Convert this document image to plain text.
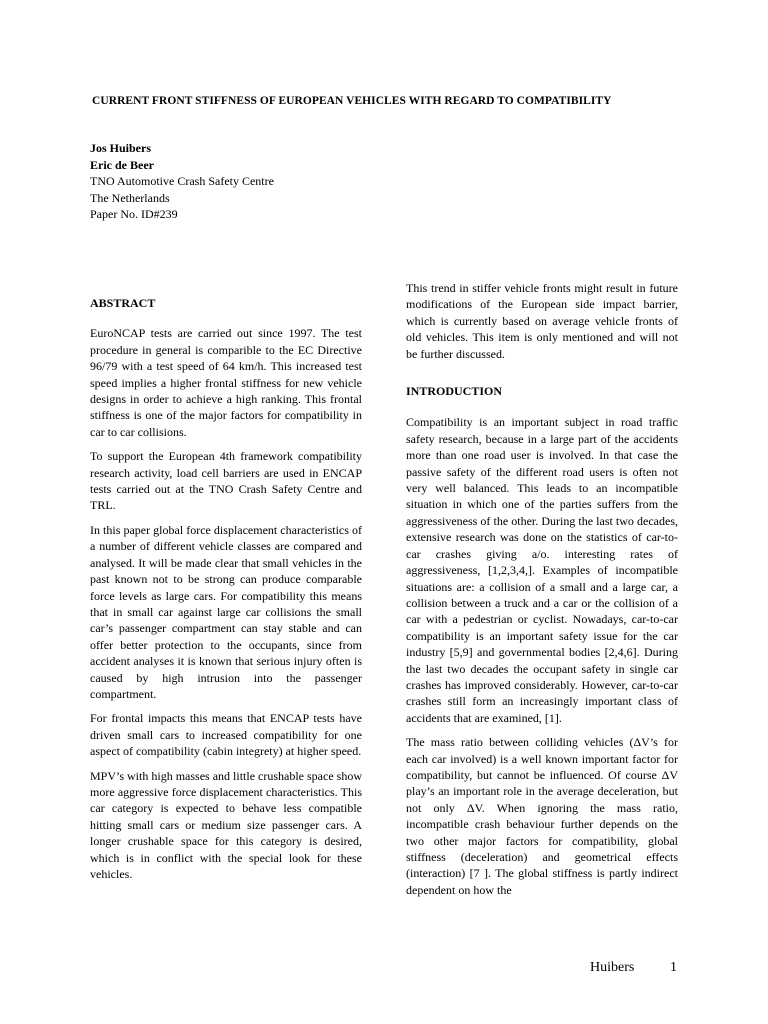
CURRENT FRONT STIFFNESS OF EUROPEAN VEHICLES WITH REGARD TO COMPATIBILITY
Jos Huibers
Eric de Beer
TNO Automotive Crash Safety Centre
The Netherlands
Paper No. ID#239
ABSTRACT

EuroNCAP tests are carried out since 1997. The test procedure in general is comparible to the EC Directive 96/79 with a test speed of 64 km/h. This increased test speed implies a higher frontal stiffness for new vehicle designs in order to achieve a high ranking. This frontal stiffness is one of the major factors for compatibility in car to car collisions.

To support the European 4th framework compatibility research activity, load cell barriers are used in ENCAP tests carried out at the TNO Crash Safety Centre and TRL.

In this paper global force displacement characteristics of a number of different vehicle classes are compared and analysed. It will be made clear that small vehicles in the past known not to be strong can produce comparable force levels as large cars. For compatibility this means that in small car against large car collisions the small car’s passenger compartment can stay stable and can offer better protection to the occupants, since from accident analyses it is known that serious injury often is caused by high intrusion into the passenger compartment.

For frontal impacts this means that ENCAP tests have driven small cars to increased compatibility for one aspect of compatibility (cabin integrety) at higher speed.

MPV’s with high masses and little crushable space show more aggressive force displacement characteristics. This car category is expected to behave less compatible hitting small cars or medium size passenger cars. A longer crushable space for this category is desired, which is in conflict with the special look for these vehicles.

This trend in stiffer vehicle fronts might result in future modifications of the European side impact barrier, which is currently based on average vehicle fronts of old vehicles. This item is only mentioned and will not be further discussed.

INTRODUCTION

Compatibility is an important subject in road traffic safety research, because in a large part of the accidents more than one road user is involved. In that case the passive safety of the different road users is often not very well balanced. This leads to an incompatible situation in which one of the parties suffers from the aggressiveness of the other. During the last two decades, extensive research was done on the statistics of car-to-car crashes giving a/o. interesting rates of aggressiveness, [1,2,3,4,]. Examples of incompatible situations are: a collision of a small and a large car, a collision between a truck and a car or the collision of a car with a pedestrian or cyclist. Nowadays, car-to-car compatibility is an important safety issue for the car industry [5,9] and governmental bodies [2,4,6]. During the last two decades the occupant safety in single car crashes has improved considerably. However, car-to-car crashes still form an increasingly important class of accidents that are examined, [1].

The mass ratio between colliding vehicles (ΔV’s for each car involved) is a well known important factor for compatibility, but cannot be influenced. Of course ΔV play’s an important role in the average deceleration, but not only ΔV. When ignoring the mass ratio, incompatible crash behaviour further depends on the two other major factors for compatibility, global stiffness (deceleration) and geometrical effects (interaction) [7 ]. The global stiffness is partly indirect dependent on how the

Huibers	1
